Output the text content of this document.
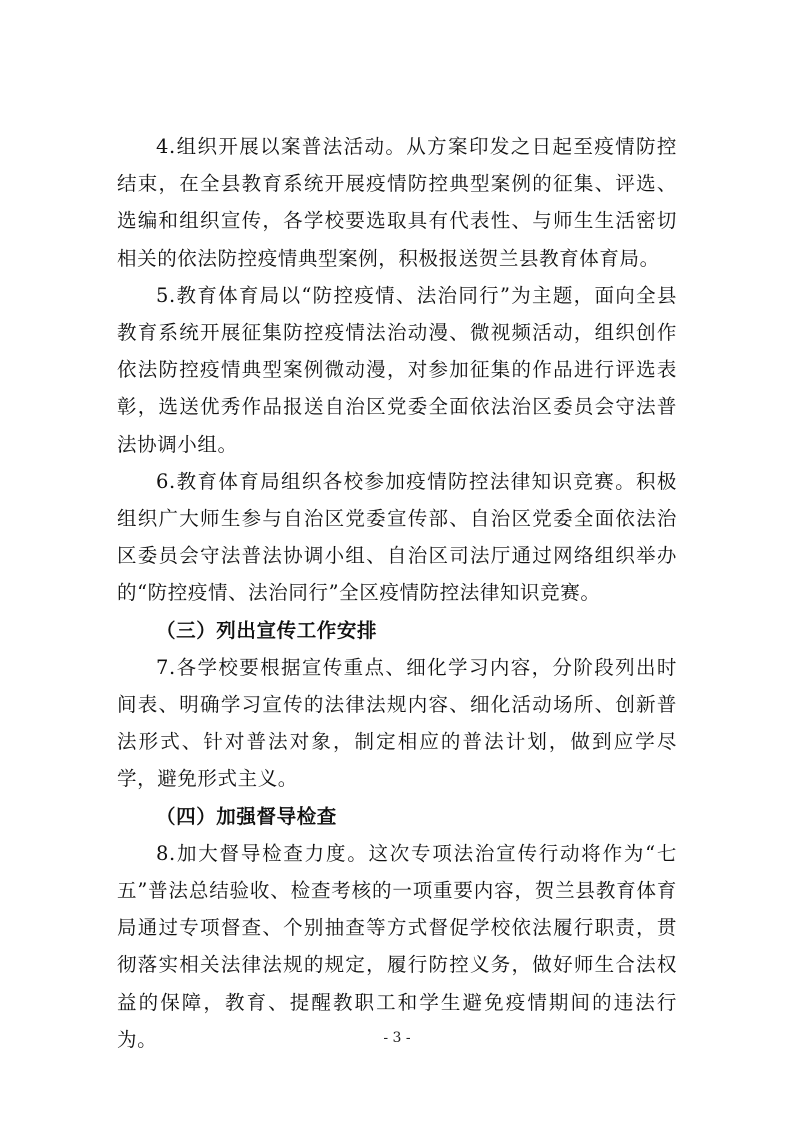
4.组织开展以案普法活动。从方案印发之日起至疫情防控结束，在全县教育系统开展疫情防控典型案例的征集、评选、选编和组织宣传，各学校要选取具有代表性、与师生生活密切相关的依法防控疫情典型案例，积极报送贺兰县教育体育局。

5.教育体育局以“防控疫情、法治同行”为主题，面向全县教育系统开展征集防控疫情法治动漫、微视频活动，组织创作依法防控疫情典型案例微动漫，对参加征集的作品进行评选表彰，选送优秀作品报送自治区党委全面依法治区委员会守法普法协调小组。

6.教育体育局组织各校参加疫情防控法律知识竞赛。积极组织广大师生参与自治区党委宣传部、自治区党委全面依法治区委员会守法普法协调小组、自治区司法厅通过网络组织举办的“防控疫情、法治同行”全区疫情防控法律知识竞赛。

（三）列出宣传工作安排

7.各学校要根据宣传重点、细化学习内容，分阶段列出时间表、明确学习宣传的法律法规内容、细化活动场所、创新普法形式、针对普法对象，制定相应的普法计划，做到应学尽学，避免形式主义。

（四）加强督导检查

8.加大督导检查力度。这次专项法治宣传行动将作为“七五”普法总结验收、检查考核的一项重要内容，贺兰县教育体育局通过专项督查、个别抽查等方式督促学校依法履行职责，贯彻落实相关法律法规的规定，履行防控义务，做好师生合法权益的保障，教育、提醒教职工和学生避免疫情期间的违法行为。	- 3 -
